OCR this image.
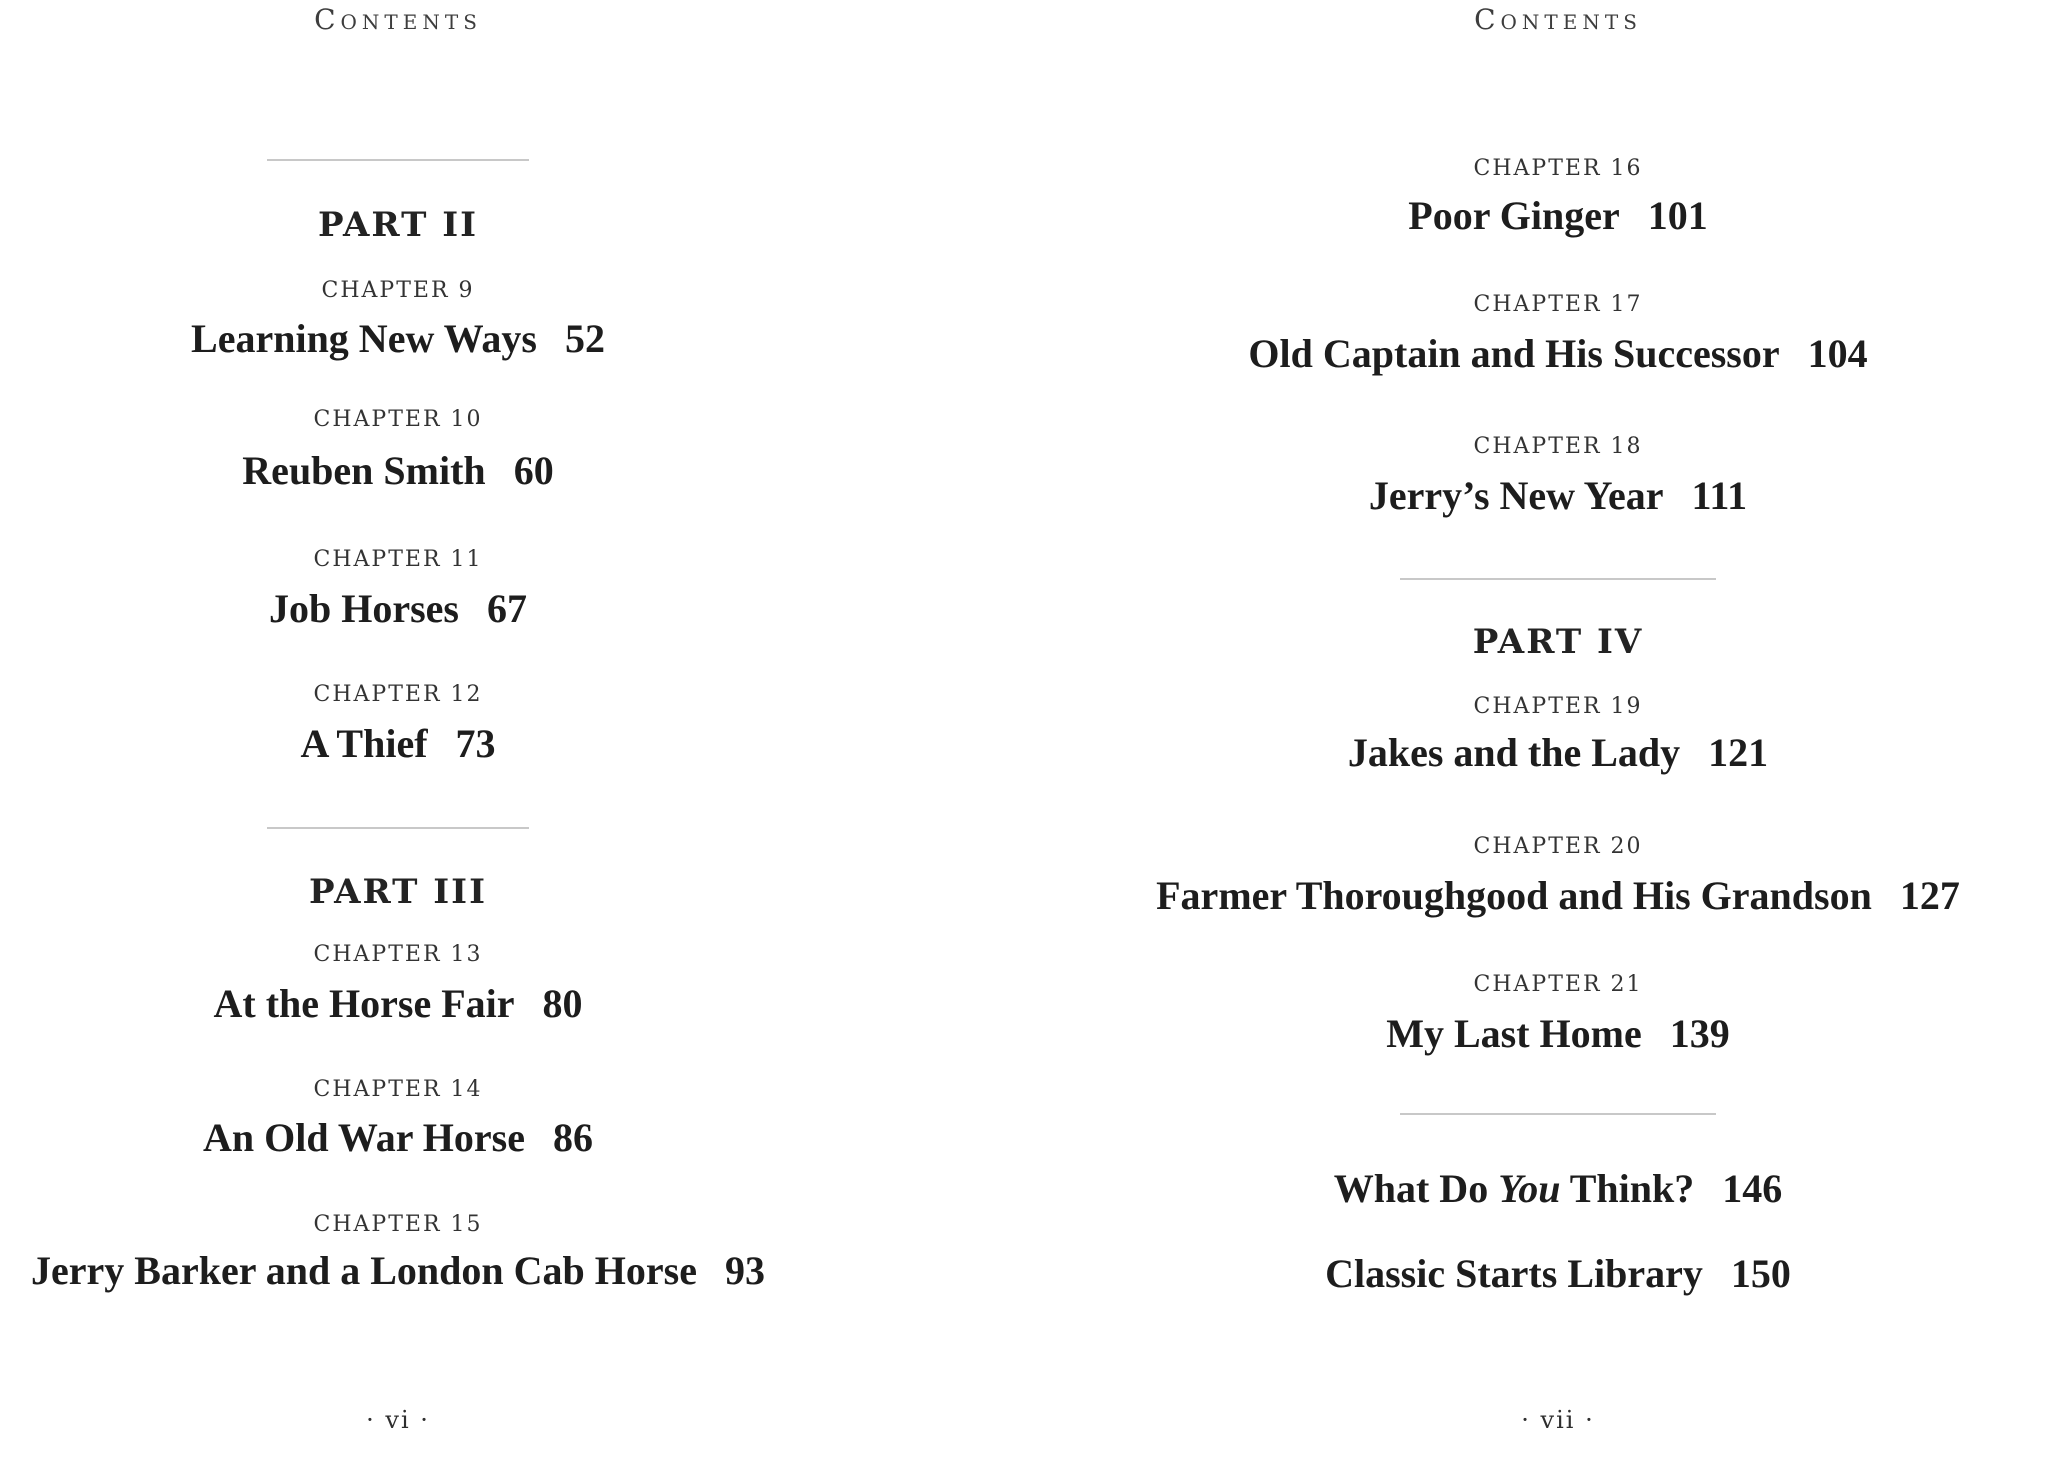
Contents
PART II
CHAPTER 9
Learning New Ways 52
CHAPTER 10
Reuben Smith 60
CHAPTER 11
Job Horses 67
CHAPTER 12
A Thief 73
PART III
CHAPTER 13
At the Horse Fair 80
CHAPTER 14
An Old War Horse 86
CHAPTER 15
Jerry Barker and a London Cab Horse 93
· vi ·
Contents
CHAPTER 16
Poor Ginger 101
CHAPTER 17
Old Captain and His Successor 104
CHAPTER 18
Jerry’s New Year 111
PART IV
CHAPTER 19
Jakes and the Lady 121
CHAPTER 20
Farmer Thoroughgood and His Grandson 127
CHAPTER 21
My Last Home 139
What Do You Think? 146
Classic Starts Library 150
· vii ·
